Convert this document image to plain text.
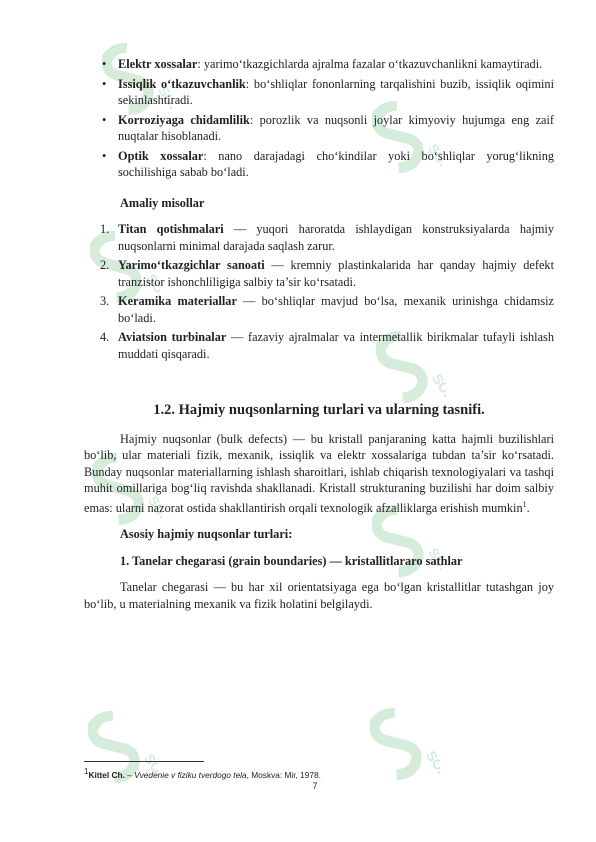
SOF
SOF
SOF
SOF
SOF
SOF
SOF	SOF
• Elektr xossalar: yarimo‘tkazgichlarda ajralma fazalar o‘tkazuvchanlikni kamaytiradi.
• Issiqlik o‘tkazuvchanlik: bo‘shliqlar fononlarning tarqalishini buzib, issiqlik oqimini sekinlashtiradi.
• Korroziyaga chidamlilik: porozlik va nuqsonli joylar kimyoviy hujumga eng zaif nuqtalar hisoblanadi.
• Optik xossalar: nano darajadagi cho‘kindilar yoki bo‘shliqlar yorug‘likning sochilishiga sabab bo‘ladi.
Amaliy misollar
1. Titan qotishmalari — yuqori haroratda ishlaydigan konstruksiyalarda hajmiy nuqsonlarni minimal darajada saqlash zarur.
2. Yarimo‘tkazgichlar sanoati — kremniy plastinkalarida har qanday hajmiy defekt tranzistor ishonchliligiga salbiy ta’sir ko‘rsatadi.
3. Keramika materiallar — bo‘shliqlar mavjud bo‘lsa, mexanik urinishga chidamsiz bo‘ladi.
4. Aviatsion turbinalar — fazaviy ajralmalar va intermetallik birikmalar tufayli ishlash muddati qisqaradi.
1.2. Hajmiy nuqsonlarning turlari va ularning tasnifi.

Hajmiy nuqsonlar (bulk defects) — bu kristall panjaraning katta hajmli buzilishlari bo‘lib, ular materiali fizik, mexanik, issiqlik va elektr xossalariga tubdan ta’sir ko‘rsatadi. Bunday nuqsonlar materiallarning ishlash sharoitlari, ishlab chiqarish texnologiyalari va tashqi muhit omillariga bog‘liq ravishda shakllanadi. Kristall strukturaning buzilishi har doim salbiy emas: ularni nazorat ostida shakllantirish orqali texnologik afzalliklarga erishish mumkin$^1$.

Asosiy hajmiy nuqsonlar turlari:
1. Tanelar chegarasi (grain boundaries) — kristallitlararo sathlar

Tanelar chegarasi — bu har xil orientatsiyaga ega bo‘lgan kristallitlar tutashgan joy bo‘lib, u materialning mexanik va fizik holatini belgilaydi.

$^1$Kittel Ch. – Vvedenie v fiziku tverdogo tela, Moskva: Mir, 1978.
7
